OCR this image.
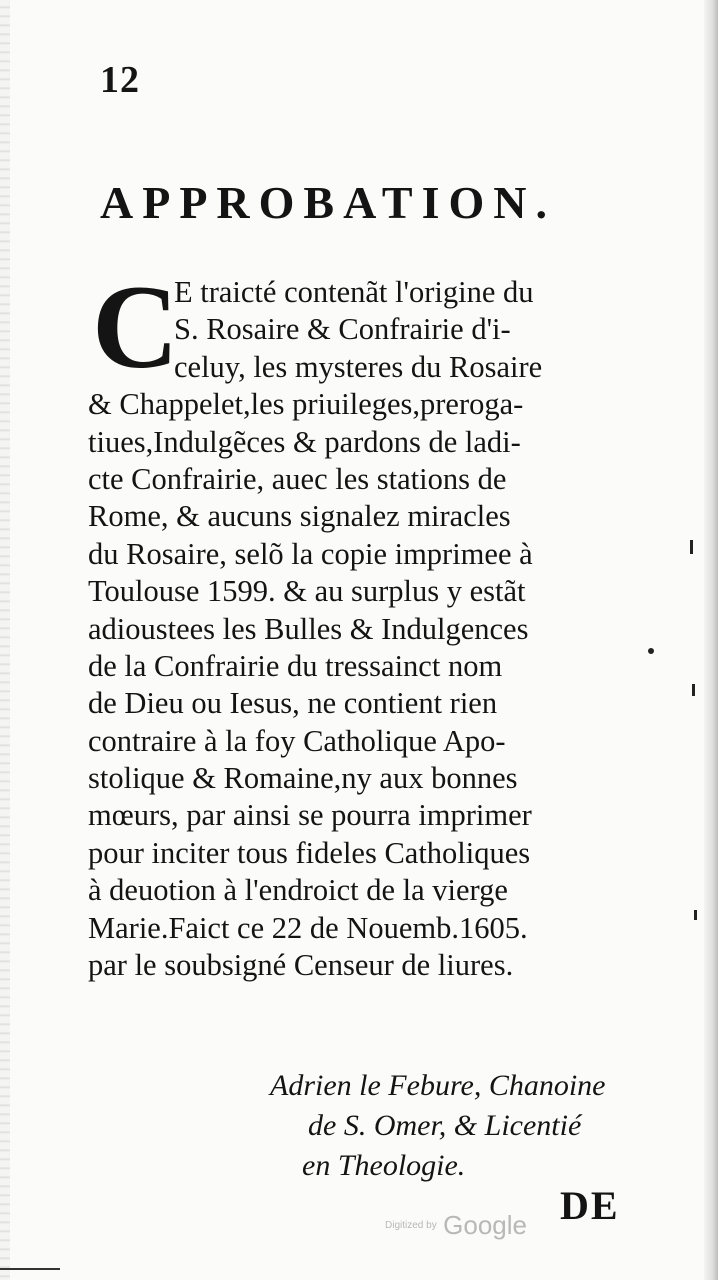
12
APPROBATION.
C
E traicté contenãt l'origine du
S. Rosaire & Confrairie d'i-
celuy, les mysteres du Rosaire
& Chappelet,les priuileges,preroga-
tiues,Indulgẽces & pardons de ladi-
cte Confrairie, auec les stations de
Rome, & aucuns signalez miracles
du Rosaire, selõ la copie imprimee à
Toulouse 1599. & au surplus y estãt
adioustees les Bulles & Indulgences
de la Confrairie du tressainct nom
de Dieu ou Iesus, ne contient rien
contraire à la foy Catholique Apo-
stolique & Romaine,ny aux bonnes
mœurs, par ainsi se pourra imprimer
pour inciter tous fideles Catholiques
à deuotion à l'endroict de la vierge
Marie.Faict ce 22 de Nouemb.1605.
par le soubsigné Censeur de liures.
Adrien le Febure, Chanoine
de S. Omer, & Licentié
en Theologie.
DE
Digitized by Google
